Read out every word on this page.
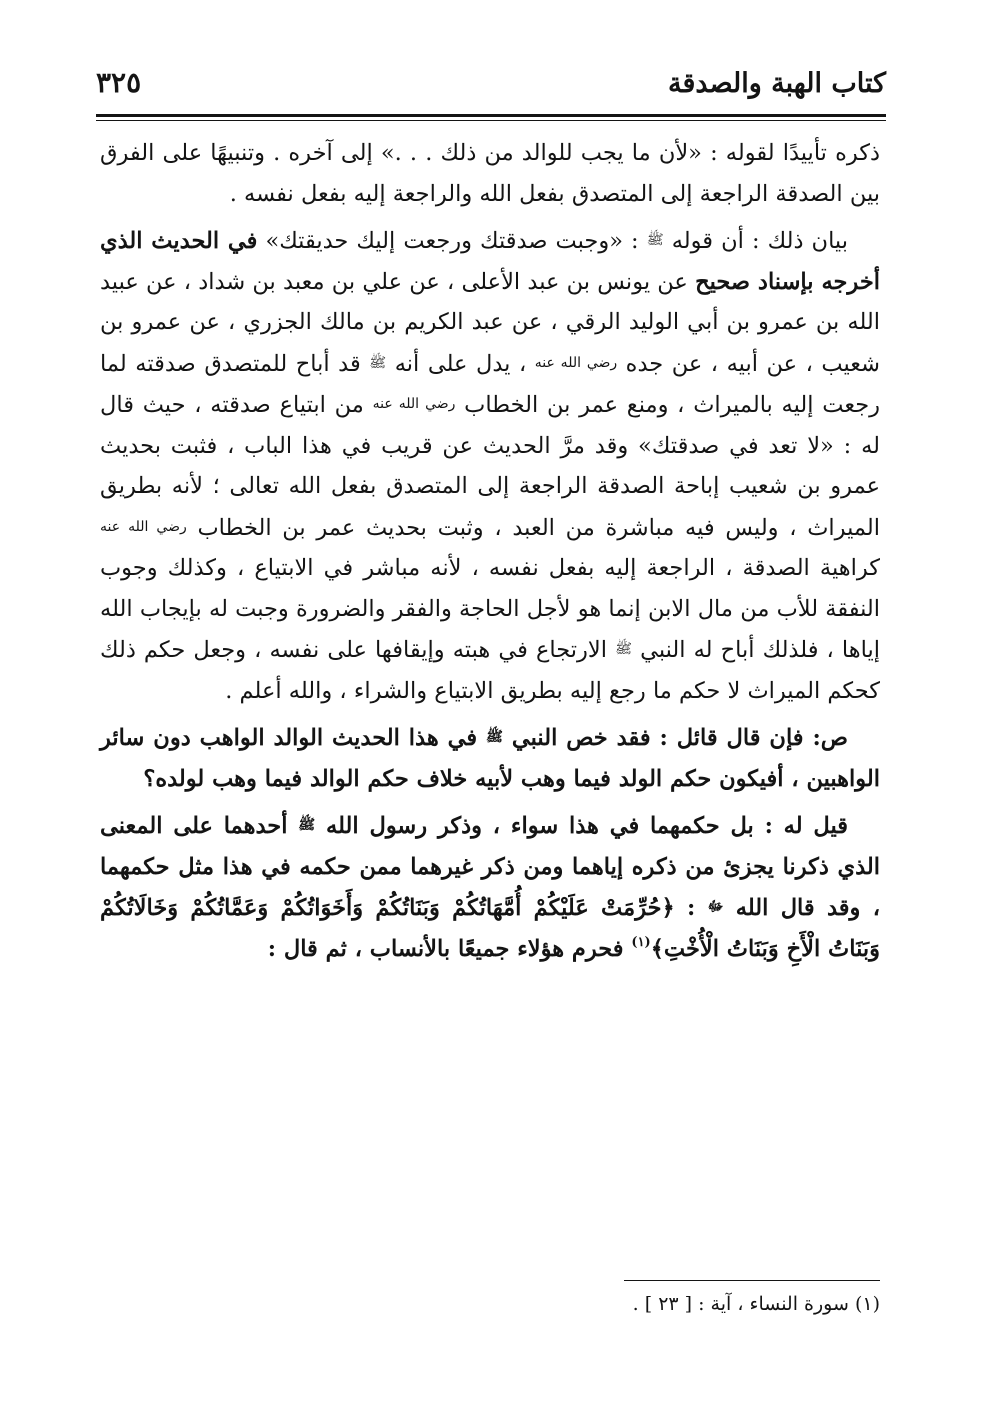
كتاب الهبة والصدقة
٣٢٥

ذكره تأييدًا لقوله : «لأن ما يجب للوالد من ذلك . . .» إلى آخره . وتنبيهًا على الفرق بين الصدقة الراجعة إلى المتصدق بفعل الله والراجعة إليه بفعل نفسه .

بيان ذلك : أن قوله ﷺ : «وجبت صدقتك ورجعت إليك حديقتك» في الحديث الذي أخرجه بإسناد صحيح عن يونس بن عبد الأعلى ، عن علي بن معبد بن شداد ، عن عبيد الله بن عمرو بن أبي الوليد الرقي ، عن عبد الكريم بن مالك الجزري ، عن عمرو بن شعيب ، عن أبيه ، عن جده رضي الله عنه ، يدل على أنه ﷺ قد أباح للمتصدق صدقته لما رجعت إليه بالميراث ، ومنع عمر بن الخطاب رضي الله عنه من ابتياع صدقته ، حيث قال له : «لا تعد في صدقتك» وقد مرَّ الحديث عن قريب في هذا الباب ، فثبت بحديث عمرو بن شعيب إباحة الصدقة الراجعة إلى المتصدق بفعل الله تعالى ؛ لأنه بطريق الميراث ، وليس فيه مباشرة من العبد ، وثبت بحديث عمر بن الخطاب رضي الله عنه كراهية الصدقة ، الراجعة إليه بفعل نفسه ، لأنه مباشر في الابتياع ، وكذلك وجوب النفقة للأب من مال الابن إنما هو لأجل الحاجة والفقر والضرورة وجبت له بإيجاب الله إياها ، فلذلك أباح له النبي ﷺ الارتجاع في هبته وإيقافها على نفسه ، وجعل حكم ذلك كحكم الميراث لا حكم ما رجع إليه بطريق الابتياع والشراء ، والله أعلم .

ص: فإن قال قائل : فقد خص النبي ﷺ في هذا الحديث الوالد الواهب دون سائر الواهبين ، أفيكون حكم الولد فيما وهب لأبيه خلاف حكم الوالد فيما وهب لولده؟

قيل له : بل حكمهما في هذا سواء ، وذكر رسول الله ﷺ أحدهما على المعنى الذي ذكرنا يجزئ من ذكره إياهما ومن ذكر غيرهما ممن حكمه في هذا مثل حكمهما ، وقد قال الله ﷻ : ﴿حُرِّمَتْ عَلَيْكُمْ أُمَّهَاتُكُمْ وَبَنَاتُكُمْ وَأَخَوَاتُكُمْ وَعَمَّاتُكُمْ وَخَالَاتُكُمْ وَبَنَاتُ الْأَخِ وَبَنَاتُ الْأُخْتِ﴾$^{(١)}$ فحرم هؤلاء جميعًا بالأنساب ، ثم قال :

(١) سورة النساء ، آية : [ ٢٣ ] .
